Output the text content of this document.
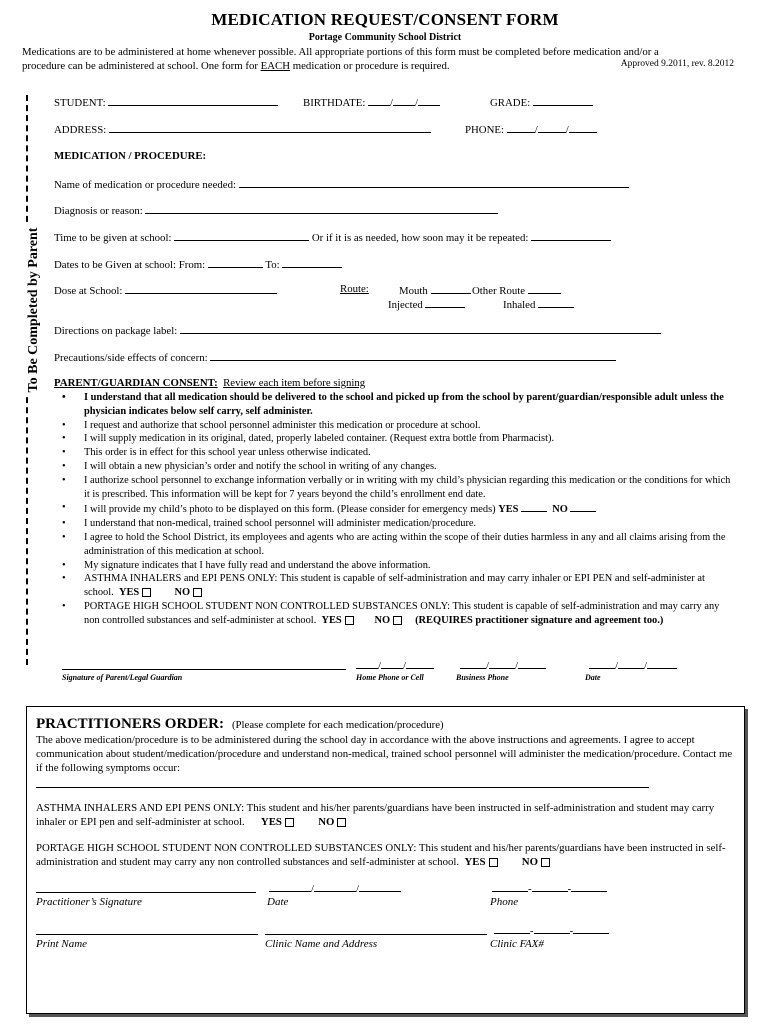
MEDICATION REQUEST/CONSENT FORM
Portage Community School District
Medications are to be administered at home whenever possible. All appropriate portions of this form must be completed before medication and/or a
procedure can be administered at school. One form for EACH medication or procedure is required.	Approved 9.2011, rev. 8.2012
To Be Completed by Parent
STUDENT:	BIRTHDATE: / /	GRADE:
ADDRESS:	PHONE:	/	/
MEDICATION / PROCEDURE:
Name of medication or procedure needed:
Diagnosis or reason:
Time to be given at school:	Or if it is as needed, how soon may it be repeated:
Dates to be Given at school: From:	To:
Dose at School:	Route:	Mouth	Other Route
Injected	Inhaled
Directions on package label:
Precautions/side effects of concern:
PARENT/GUARDIAN CONSENT: Review each item before signing
• I understand that all medication should be delivered to the school and picked up from the school by parent/guardian/responsible adult unless the physician indicates below self carry, self administer.
• I request and authorize that school personnel administer this medication or procedure at school.
• I will supply medication in its original, dated, properly labeled container. (Request extra bottle from Pharmacist).
• This order is in effect for this school year unless otherwise indicated.
• I will obtain a new physician’s order and notify the school in writing of any changes.
• I authorize school personnel to exchange information verbally or in writing with my child’s physician regarding this medication or the conditions for which it is prescribed. This information will be kept for 7 years beyond the child’s enrollment end date.
• I will provide my child’s photo to be displayed on this form. (Please consider for emergency meds) YES	NO
• I understand that non-medical, trained school personnel will administer medication/procedure.
• I agree to hold the School District, its employees and agents who are acting within the scope of their duties harmless in any and all claims arising from the administration of this medication at school.
• My signature indicates that I have fully read and understand the above information.
• ASTHMA INHALERS and EPI PENS ONLY: This student is capable of self-administration and may carry inhaler or EPI PEN and self-administer at school. YES	NO
• PORTAGE HIGH SCHOOL STUDENT NON CONTROLLED SUBSTANCES ONLY: This student is capable of self-administration and may carry any non controlled substances and self-administer at school. YES	NO (REQUIRES practitioner signature and agreement too.)
Signature of Parent/Legal Guardian
/ /
Home Phone or Cell
/ /
Business Phone
/ /
Date
PRACTITIONERS ORDER: (Please complete for each medication/procedure)
The above medication/procedure is to be administered during the school day in accordance with the above instructions and agreements. I agree to accept communication about student/medication/procedure and understand non-medical, trained school personnel will administer the medication/procedure. Contact me if the following symptoms occur:
ASTHMA INHALERS AND EPI PENS ONLY: This student and his/her parents/guardians have been instructed in self-administration and student may carry inhaler or EPI pen and self-administer at school. YES	NO
PORTAGE HIGH SCHOOL STUDENT NON CONTROLLED SUBSTANCES ONLY: This student and his/her parents/guardians have been instructed in self-administration and student may carry any non controlled substances and self-administer at school. YES	NO
Practitioner’s Signature
/	/
Date
-	-
Phone
Print Name	Clinic Name and Address
-	-
Clinic FAX#
